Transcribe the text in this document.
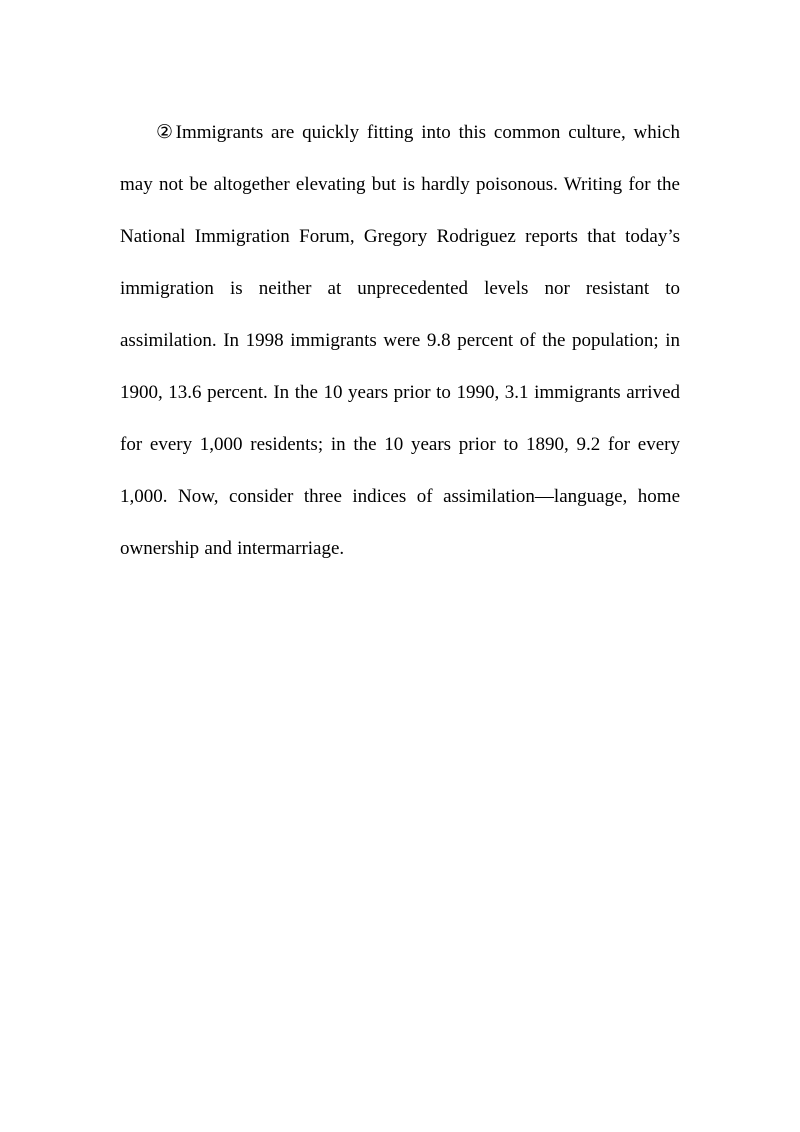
②Immigrants are quickly fitting into this common culture, which may not be altogether elevating but is hardly poisonous. Writing for the National Immigration Forum, Gregory Rodriguez reports that today’s immigration is neither at unprecedented levels nor resistant to assimilation. In 1998 immigrants were 9.8 percent of the population; in 1900, 13.6 percent. In the 10 years prior to 1990, 3.1 immigrants arrived for every 1,000 residents; in the 10 years prior to 1890, 9.2 for every 1,000. Now, consider three indices of assimilation—language, home ownership and intermarriage.
